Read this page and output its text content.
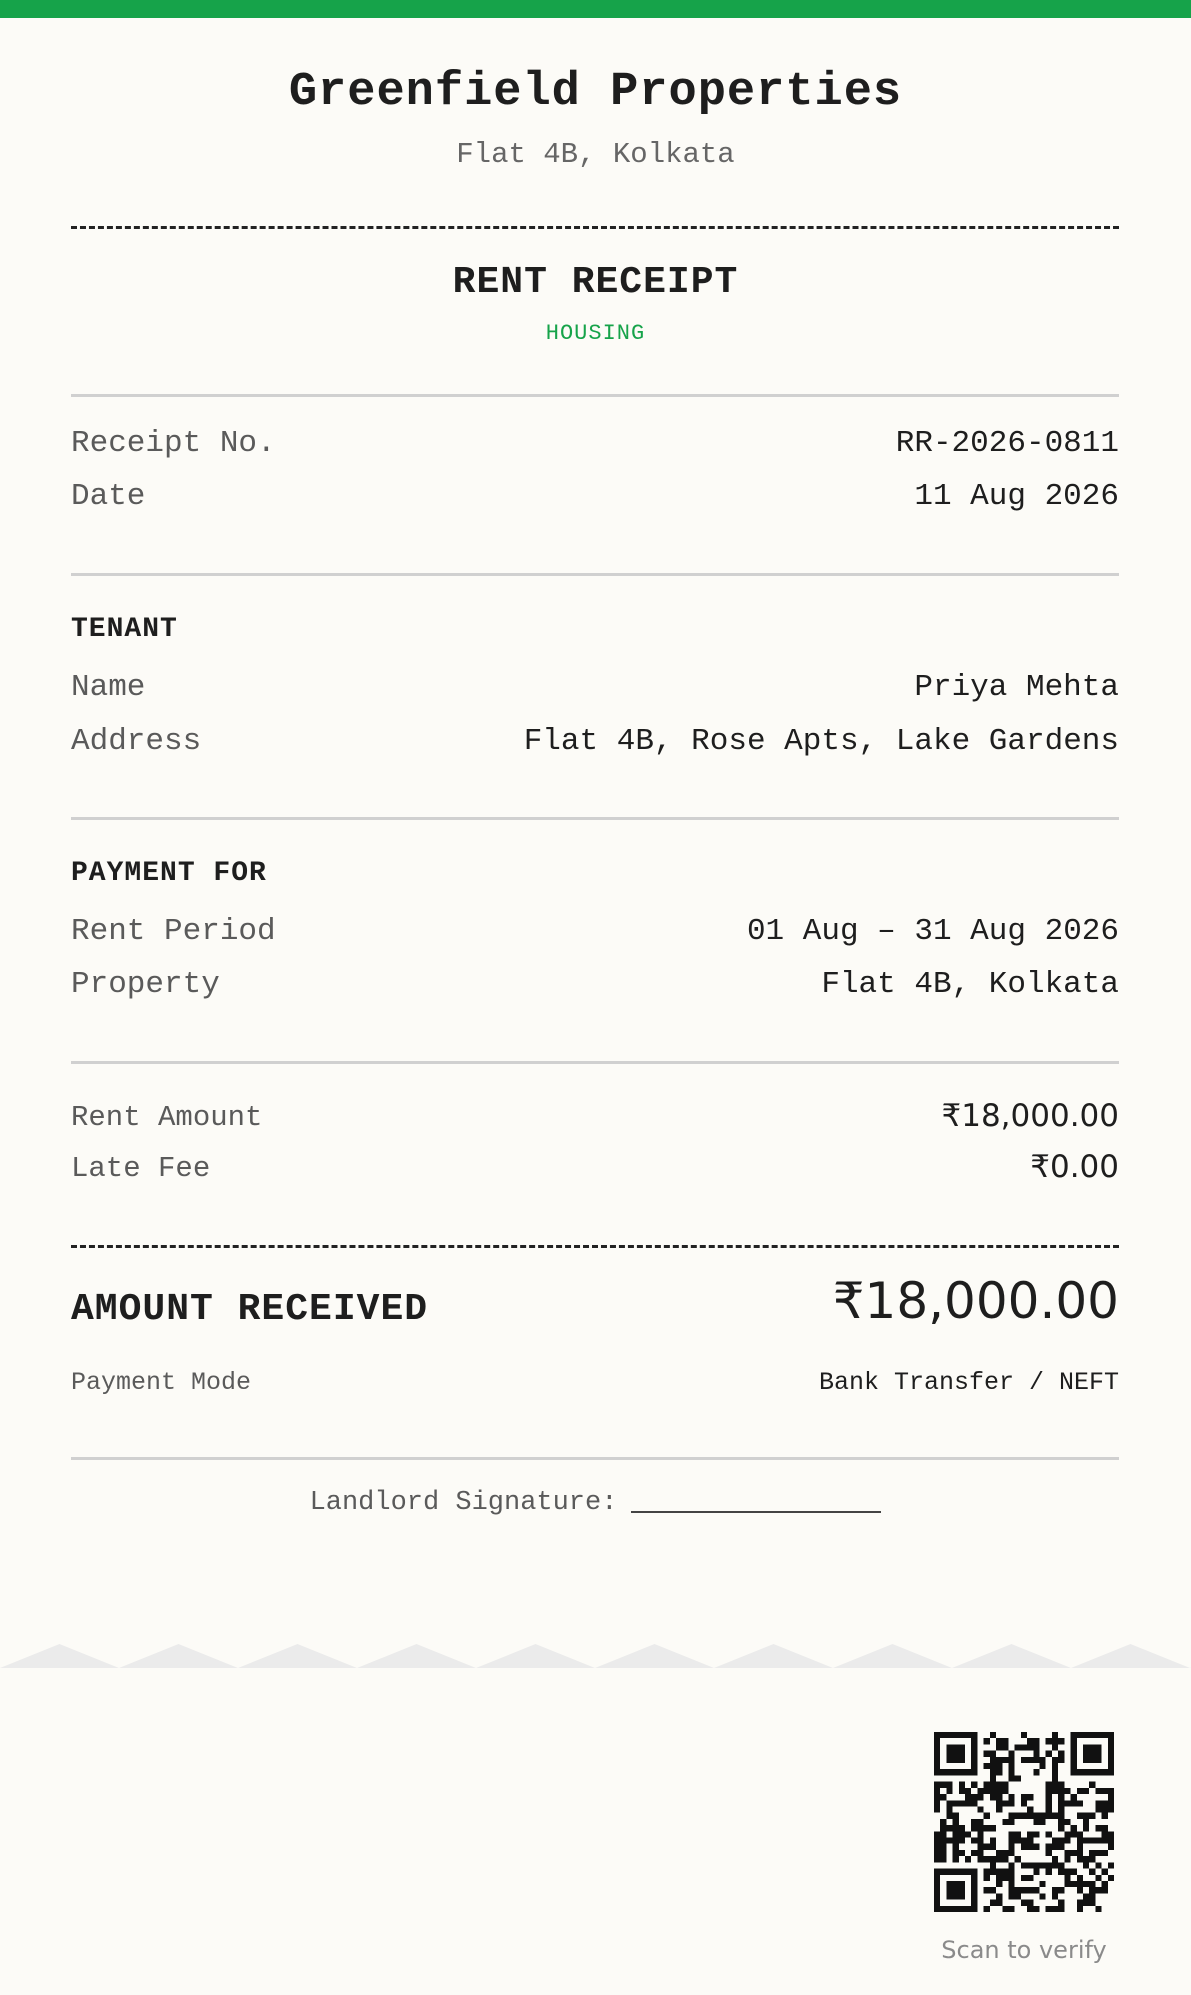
Greenfield Properties
Flat 4B, Kolkata
RENT RECEIPT
HOUSING
Receipt No.	RR-2026-0811
Date	11 Aug 2026
TENANT
Name	Priya Mehta
Address	Flat 4B, Rose Apts, Lake Gardens
PAYMENT FOR
Rent Period	01 Aug – 31 Aug 2026
Property	Flat 4B, Kolkata
Rent Amount	₹18,000.00
Late Fee	₹0.00
AMOUNT RECEIVED	₹18,000.00
Payment Mode	Bank Transfer / NEFT
Landlord Signature:
Scan to verify
